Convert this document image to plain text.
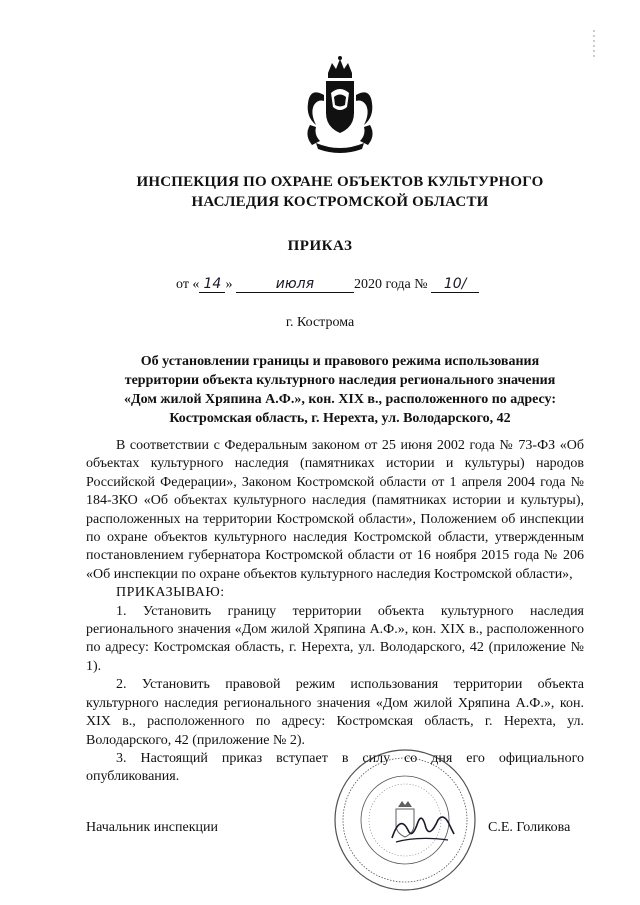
ИНСПЕКЦИЯ ПО ОХРАНЕ ОБЪЕКТОВ КУЛЬТУРНОГО
НАСЛЕДИЯ КОСТРОМСКОЙ ОБЛАСТИ
ПРИКАЗ
от « 14 »	июля	2020 года № 10/
г. Кострома
Об установлении границы и правового режима использования
территории объекта культурного наследия регионального значения
«Дом жилой Хряпина А.Ф.», кон. XIX в., расположенного по адресу:
Костромская область, г. Нерехта, ул. Володарского, 42

В соответствии с Федеральным законом от 25 июня 2002 года № 73-ФЗ «Об объектах культурного наследия (памятниках истории и культуры) народов Российской Федерации», Законом Костромской области от 1 апреля 2004 года № 184-ЗКО «Об объектах культурного наследия (памятниках истории и культуры), расположенных на территории Костромской области», Положением об инспекции по охране объектов культурного наследия Костромской области, утвержденным постановлением губернатора Костромской области от 16 ноября 2015 года № 206 «Об инспекции по охране объектов культурного наследия Костромской области»,

ПРИКАЗЫВАЮ:

1. Установить границу территории объекта культурного наследия регионального значения «Дом жилой Хряпина А.Ф.», кон. XIX в., расположенного по адресу: Костромская область, г. Нерехта, ул. Володарского, 42 (приложение № 1).

2. Установить правовой режим использования территории объекта культурного наследия регионального значения «Дом жилой Хряпина А.Ф.», кон. XIX в., расположенного по адресу: Костромская область, г. Нерехта, ул. Володарского, 42 (приложение № 2).

3. Настоящий приказ вступает в силу со дня его официального опубликования.

Начальник инспекции	С.Е. Голикова
